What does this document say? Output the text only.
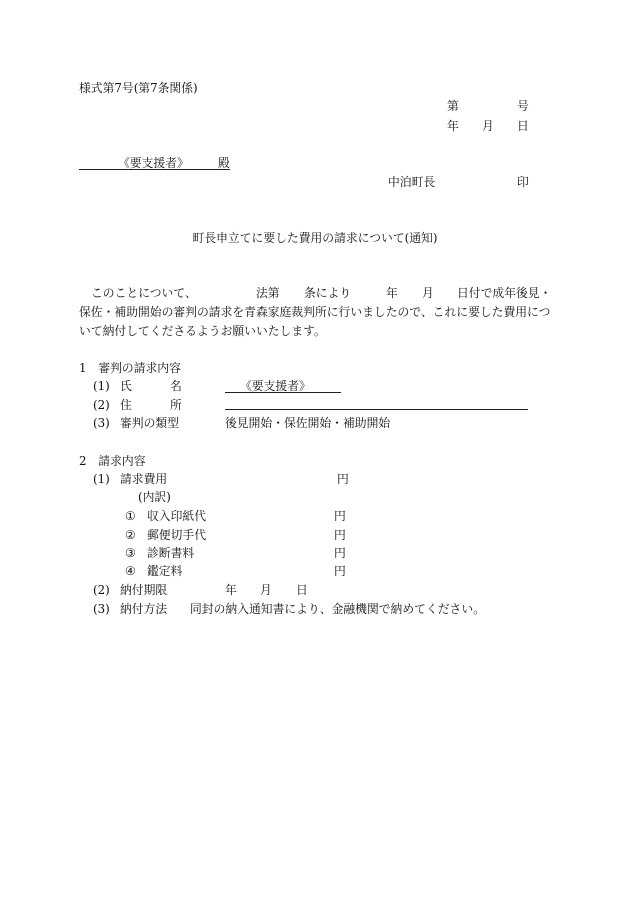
様式第7号(第7条関係)
第	号
年 月 日
《要支援者》 殿
中泊町長	印
町長申立てに要した費用の請求について(通知)
このことについて、	法第 条により	年 月 日付で成年後見・
保佐・補助開始の審判の請求を青森家庭裁判所に行いましたので、これに要した費用につ
いて納付してくださるようお願いいたします。
1　審判の請求内容
(1) 氏	名	《要支援者》
(2) 住	所
(3) 審判の類型	後見開始・保佐開始・補助開始
2　請求内容
(1) 請求費用	円
(内訳)
① 収入印紙代	円
② 郵便切手代	円
③ 診断書料	円
④ 鑑定料	円
(2) 納付期限	年 月 日
(3) 納付方法 同封の納入通知書により、金融機関で納めてください。
